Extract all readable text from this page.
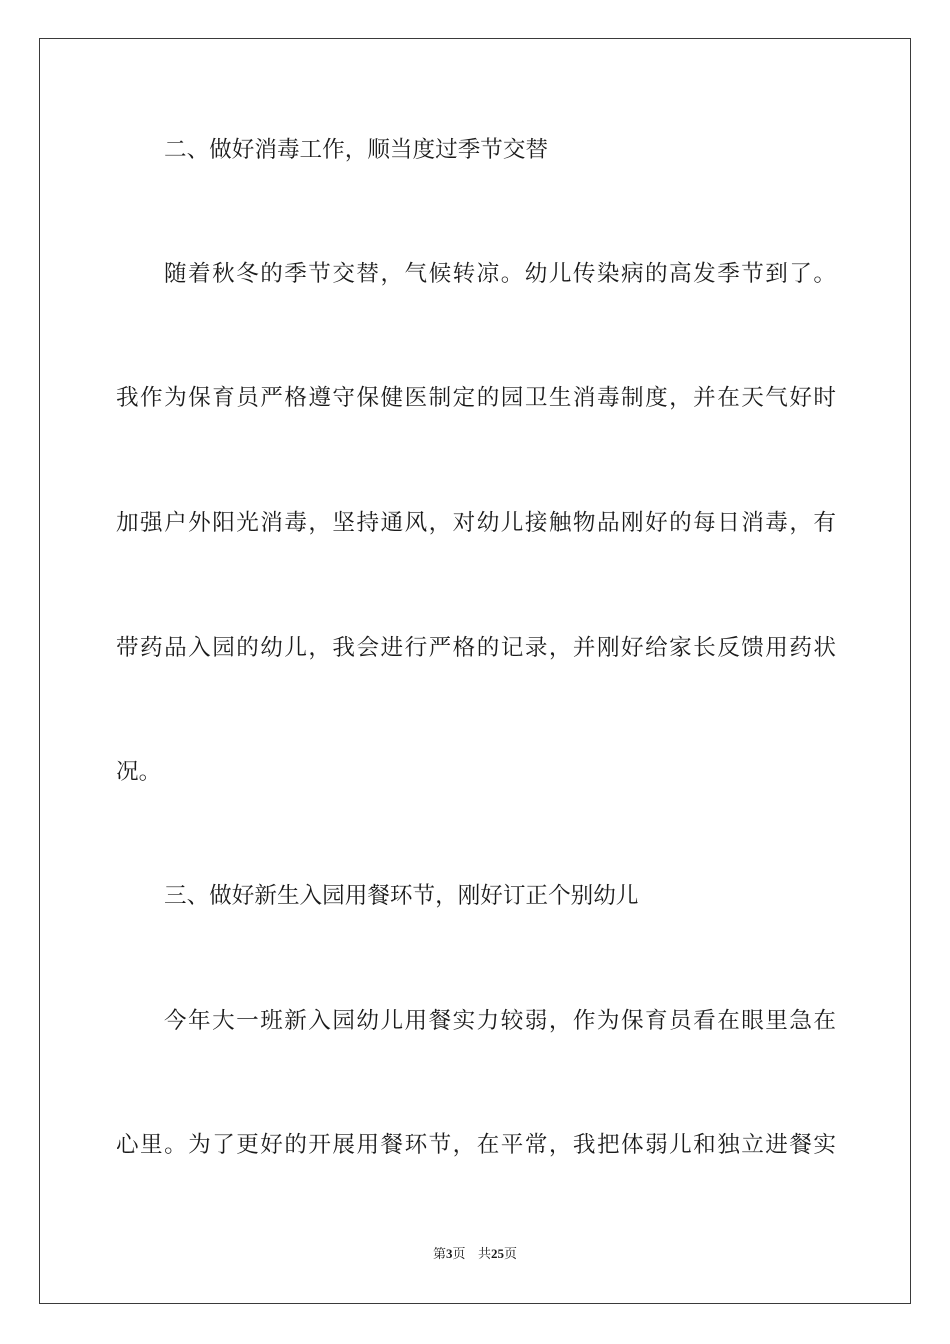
二、做好消毒工作，顺当度过季节交替
随着秋冬的季节交替，气候转凉。幼儿传染病的高发季节到了。
我作为保育员严格遵守保健医制定的园卫生消毒制度，并在天气好时
加强户外阳光消毒，坚持通风，对幼儿接触物品刚好的每日消毒，有
带药品入园的幼儿，我会进行严格的记录，并刚好给家长反馈用药状
况。
三、做好新生入园用餐环节，刚好订正个别幼儿
今年大一班新入园幼儿用餐实力较弱，作为保育员看在眼里急在
心里。为了更好的开展用餐环节，在平常，我把体弱儿和独立进餐实
第3页 共25页
